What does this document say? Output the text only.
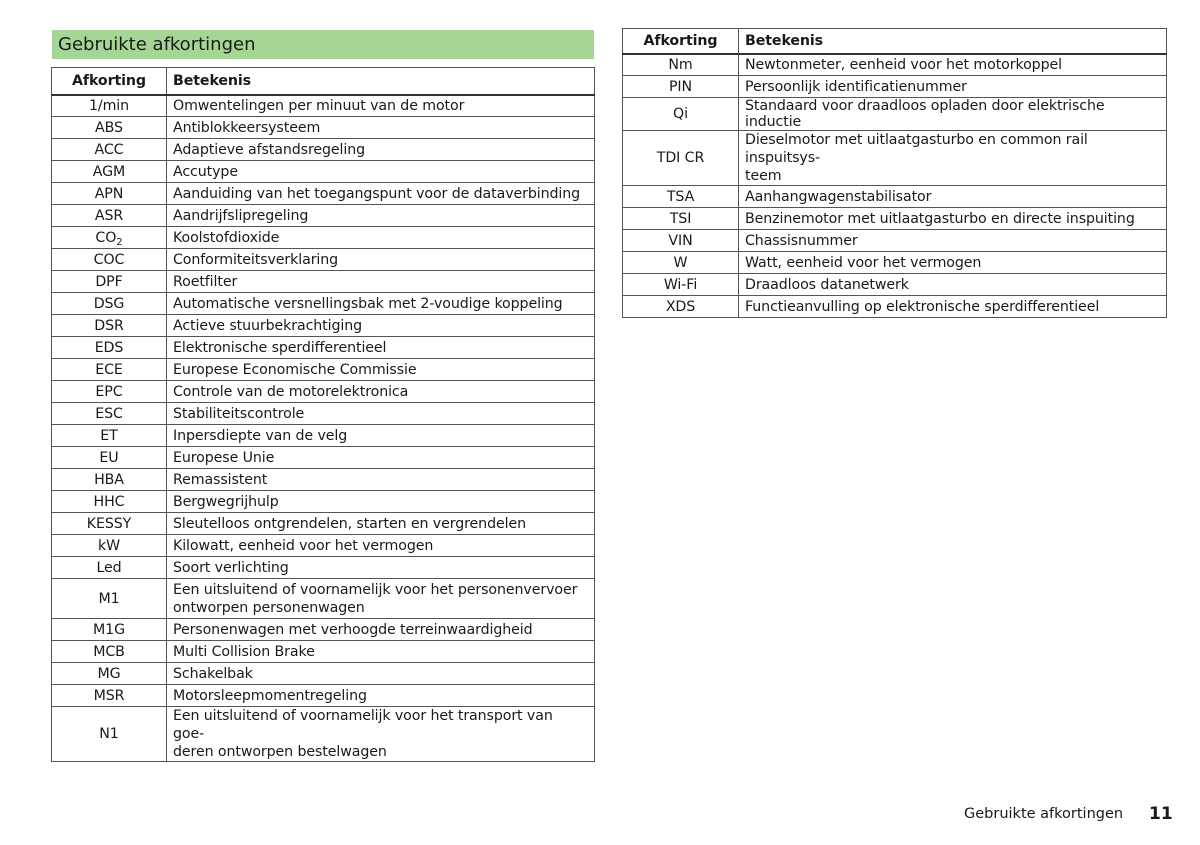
Gebruikte afkortingen
Afkorting	Betekenis
1/min	Omwentelingen per minuut van de motor
ABS	Antiblokkeersysteem
ACC	Adaptieve afstandsregeling
AGM	Accutype
APN	Aanduiding van het toegangspunt voor de dataverbinding
ASR	Aandrijfslipregeling
$CO_2$	Koolstofdioxide
COC	Conformiteitsverklaring
DPF	Roetfilter
DSG	Automatische versnellingsbak met 2-voudige koppeling
DSR	Actieve stuurbekrachtiging
EDS	Elektronische sperdifferentieel
ECE	Europese Economische Commissie
EPC	Controle van de motorelektronica
ESC	Stabiliteitscontrole
ET	Inpersdiepte van de velg
EU	Europese Unie
HBA	Remassistent
HHC	Bergwegrijhulp
KESSY	Sleutelloos ontgrendelen, starten en vergrendelen
kW	Kilowatt, eenheid voor het vermogen
Led	Soort verlichting
M1	Een uitsluitend of voornamelijk voor het personenvervoer
ontworpen personenwagen

M1G	Personenwagen met verhoogde terreinwaardigheid
MCB	Multi Collision Brake
MG	Schakelbak
MSR	Motorsleepmomentregeling
N1	Een uitsluitend of voornamelijk voor het transport van goe-
deren ontworpen bestelwagen
Afkorting	Betekenis
Nm	Newtonmeter, eenheid voor het motorkoppel
PIN	Persoonlijk identificatienummer
Qi	Standaard voor draadloos opladen door elektrische inductie
TDI CR	Dieselmotor met uitlaatgasturbo en common rail inspuitsys-
teem

TSA	Aanhangwagenstabilisator
TSI	Benzinemotor met uitlaatgasturbo en directe inspuiting
VIN	Chassisnummer
W	Watt, eenheid voor het vermogen
Wi-Fi	Draadloos datanetwerk
XDS	Functieanvulling op elektronische sperdifferentieel
Gebruikte afkortingen 11
